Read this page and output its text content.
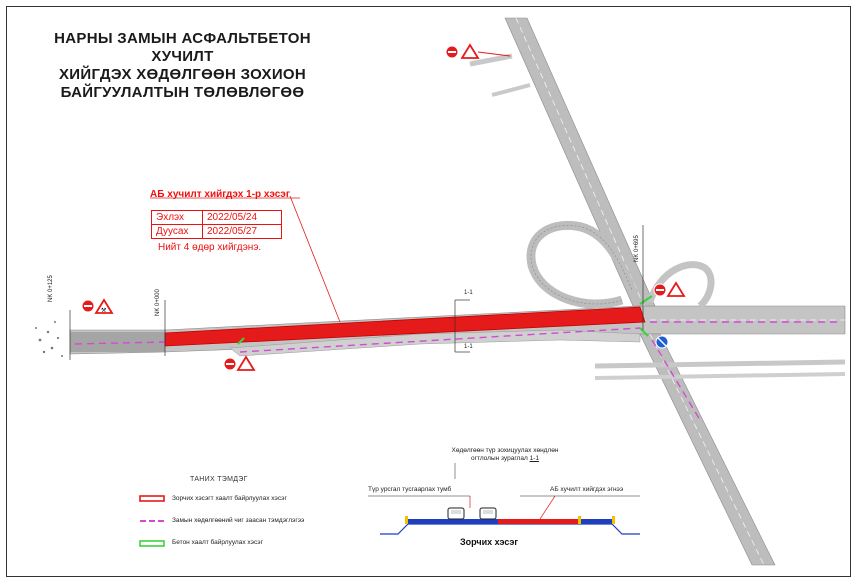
⚒
НАРНЫ ЗАМЫН АСФАЛЬТБЕТОН ХУЧИЛТ
ХИЙГДЭХ ХӨДӨЛГӨӨН ЗОХИОН
БАЙГУУЛАЛТЫН ТӨЛӨВЛӨГӨӨ
АБ хучилт хийгдэх 1-р хэсэг
Эхлэх	2022/05/24
Дуусах	2022/05/27
Нийт 4 өдөр хийгдэнэ.
NK 0+125
NK 0+000
NK 0+695
1-1
1-1
ТАНИХ ТЭМДЭГ
Зорчих хэсэгт хаалт байрлуулах хэсэг
Замын хөдөлгөөний чиг заасан тэмдэглэгээ
Бетон хаалт байрлуулах хэсэг
Хөдөлгөөн түр зохицуулах хөндлөн
огтлолын зураглал 1-1
Түр урсгал тусгаарлах тумб	АБ хучилт хийгдэх эгнээ
Зорчих хэсэг
